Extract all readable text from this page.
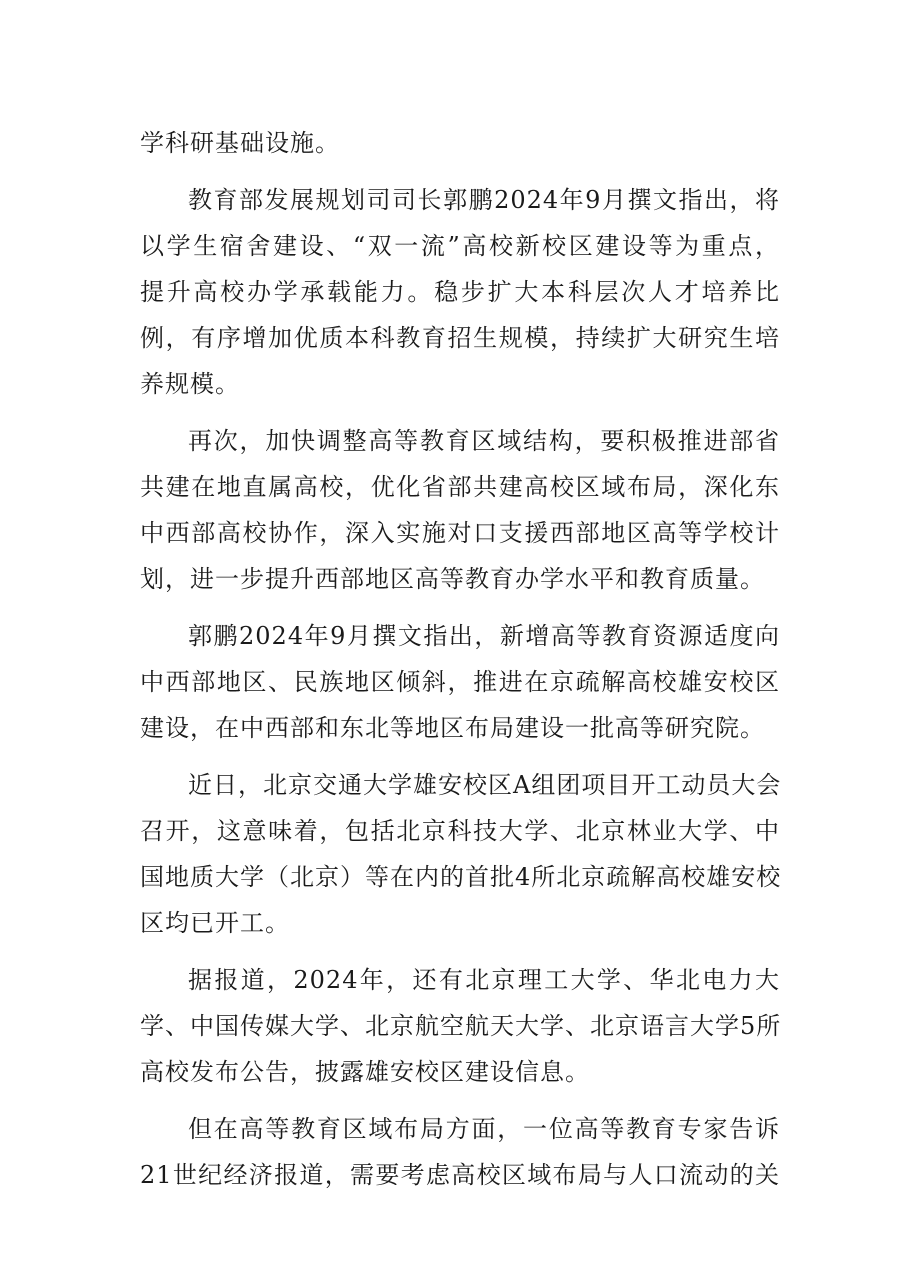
学科研基础设施。
教育部发展规划司司长郭鹏2024年9月撰文指出，将
以学生宿舍建设、“双一流”高校新校区建设等为重点，
提升高校办学承载能力。稳步扩大本科层次人才培养比
例，有序增加优质本科教育招生规模，持续扩大研究生培
养规模。
再次，加快调整高等教育区域结构，要积极推进部省
共建在地直属高校，优化省部共建高校区域布局，深化东
中西部高校协作，深入实施对口支援西部地区高等学校计
划，进一步提升西部地区高等教育办学水平和教育质量。
郭鹏2024年9月撰文指出，新增高等教育资源适度向
中西部地区、民族地区倾斜，推进在京疏解高校雄安校区
建设，在中西部和东北等地区布局建设一批高等研究院。
近日，北京交通大学雄安校区A组团项目开工动员大会
召开，这意味着，包括北京科技大学、北京林业大学、中
国地质大学（北京）等在内的首批4所北京疏解高校雄安校
区均已开工。
据报道，2024年，还有北京理工大学、华北电力大
学、中国传媒大学、北京航空航天大学、北京语言大学5所
高校发布公告，披露雄安校区建设信息。
但在高等教育区域布局方面，一位高等教育专家告诉
21世纪经济报道，需要考虑高校区域布局与人口流动的关
